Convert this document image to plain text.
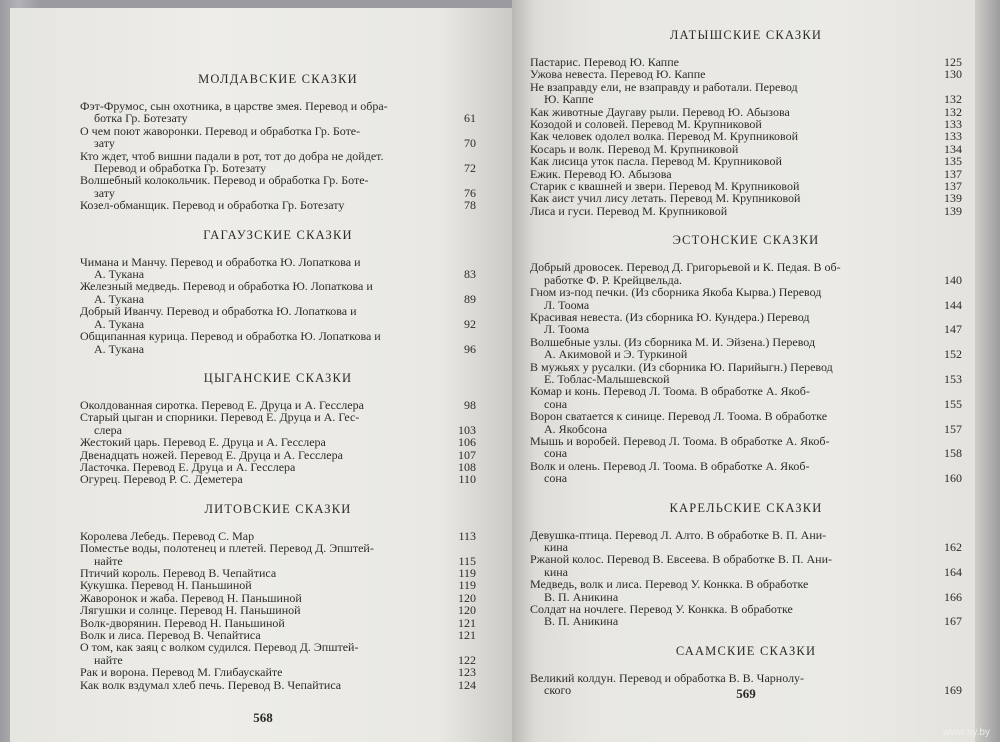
МОЛДАВСКИЕ СКАЗКИ
Фэт-Фрумос, сын охотника, в царстве змея. Перевод и обра-

ботка Гр. Ботезату	61
О чем поют жаворонки. Перевод и обработка Гр. Боте-

зату	70
Кто ждет, чтоб вишни падали в рот, тот до добра не дойдет.

Перевод и обработка Гр. Ботезату	72
Волшебный колокольчик. Перевод и обработка Гр. Боте-

зату	76
Козел-обманщик. Перевод и обработка Гр. Ботезату	78
ГАГАУЗСКИЕ СКАЗКИ
Чимана и Манчу. Перевод и обработка Ю. Лопаткова и

А. Тукана	83
Железный медведь. Перевод и обработка Ю. Лопаткова и

А. Тукана	89
Добрый Иванчу. Перевод и обработка Ю. Лопаткова и

А. Тукана	92
Общипанная курица. Перевод и обработка Ю. Лопаткова и

А. Тукана	96
ЦЫГАНСКИЕ СКАЗКИ
Околдованная сиротка. Перевод Е. Друца и А. Гесслера	98
Старый цыган и спорники. Перевод Е. Друца и А. Гес-

слера	103
Жестокий царь. Перевод Е. Друца и А. Гесслера	106
Двенадцать ножей. Перевод Е. Друца и А. Гесслера	107
Ласточка. Перевод Е. Друца и А. Гесслера	108
Огурец. Перевод Р. С. Деметера	110
ЛИТОВСКИЕ СКАЗКИ
Королева Лебедь. Перевод С. Мар	113
Поместье воды, полотенец и плетей. Перевод Д. Эпштей-

найте	115
Птичий король. Перевод В. Чепайтиса	119
Кукушка. Перевод Н. Паньшиной	119
Жаворонок и жаба. Перевод Н. Паньшиной	120
Лягушки и солнце. Перевод Н. Паньшиной	120
Волк-дворянин. Перевод Н. Паньшиной	121
Волк и лиса. Перевод В. Чепайтиса	121
О том, как заяц с волком судился. Перевод Д. Эпштей-

найте	122
Рак и ворона. Перевод М. Глибаускайте	123
Как волк вздумал хлеб печь. Перевод В. Чепайтиса	124
568
ЛАТЫШСКИЕ СКАЗКИ
Пастарис. Перевод Ю. Каппе	125
Ужова невеста. Перевод Ю. Каппе	130
Не взаправду ели, не взаправду и работали. Перевод

Ю. Каппе	132
Как животные Даугаву рыли. Перевод Ю. Абызова	132
Козодой и соловей. Перевод М. Крупниковой	133
Как человек одолел волка. Перевод М. Крупниковой	133
Косарь и волк. Перевод М. Крупниковой	134
Как лисица уток пасла. Перевод М. Крупниковой	135
Ежик. Перевод Ю. Абызова	137
Старик с квашней и звери. Перевод М. Крупниковой	137
Как аист учил лису летать. Перевод М. Крупниковой	139
Лиса и гуси. Перевод М. Крупниковой	139
ЭСТОНСКИЕ СКАЗКИ
Добрый дровосек. Перевод Д. Григорьевой и К. Педая. В об-

работке Ф. Р. Крейцвельда.	140
Гном из-под печки. (Из сборника Якоба Кырва.) Перевод

Л. Тоома	144
Красивая невеста. (Из сборника Ю. Кундера.) Перевод

Л. Тоома	147
Волшебные узлы. (Из сборника М. И. Эйзена.) Перевод

А. Акимовой и Э. Туркиной	152
В мужьях у русалки. (Из сборника Ю. Парийыгн.) Перевод

Е. Тоблас-Малышевской	153
Комар и конь. Перевод Л. Тоома. В обработке А. Якоб-

сона	155
Ворон сватается к синице. Перевод Л. Тоома. В обработке

А. Якобсона	157
Мышь и воробей. Перевод Л. Тоома. В обработке А. Якоб-

сона	158
Волк и олень. Перевод Л. Тоома. В обработке А. Якоб-

сона	160
КАРЕЛЬСКИЕ СКАЗКИ
Девушка-птица. Перевод Л. Алто. В обработке В. П. Ани-

кина	162
Ржаной колос. Перевод В. Евсеева. В обработке В. П. Ани-

кина	164
Медведь, волк и лиса. Перевод У. Конкка. В обработке

В. П. Аникина	166
Солдат на ночлеге. Перевод У. Конкка. В обработке

В. П. Аникина	167
СААМСКИЕ СКАЗКИ
Великий колдун. Перевод и обработка В. В. Чарнолу-

ского	169
569
www.ay.by
